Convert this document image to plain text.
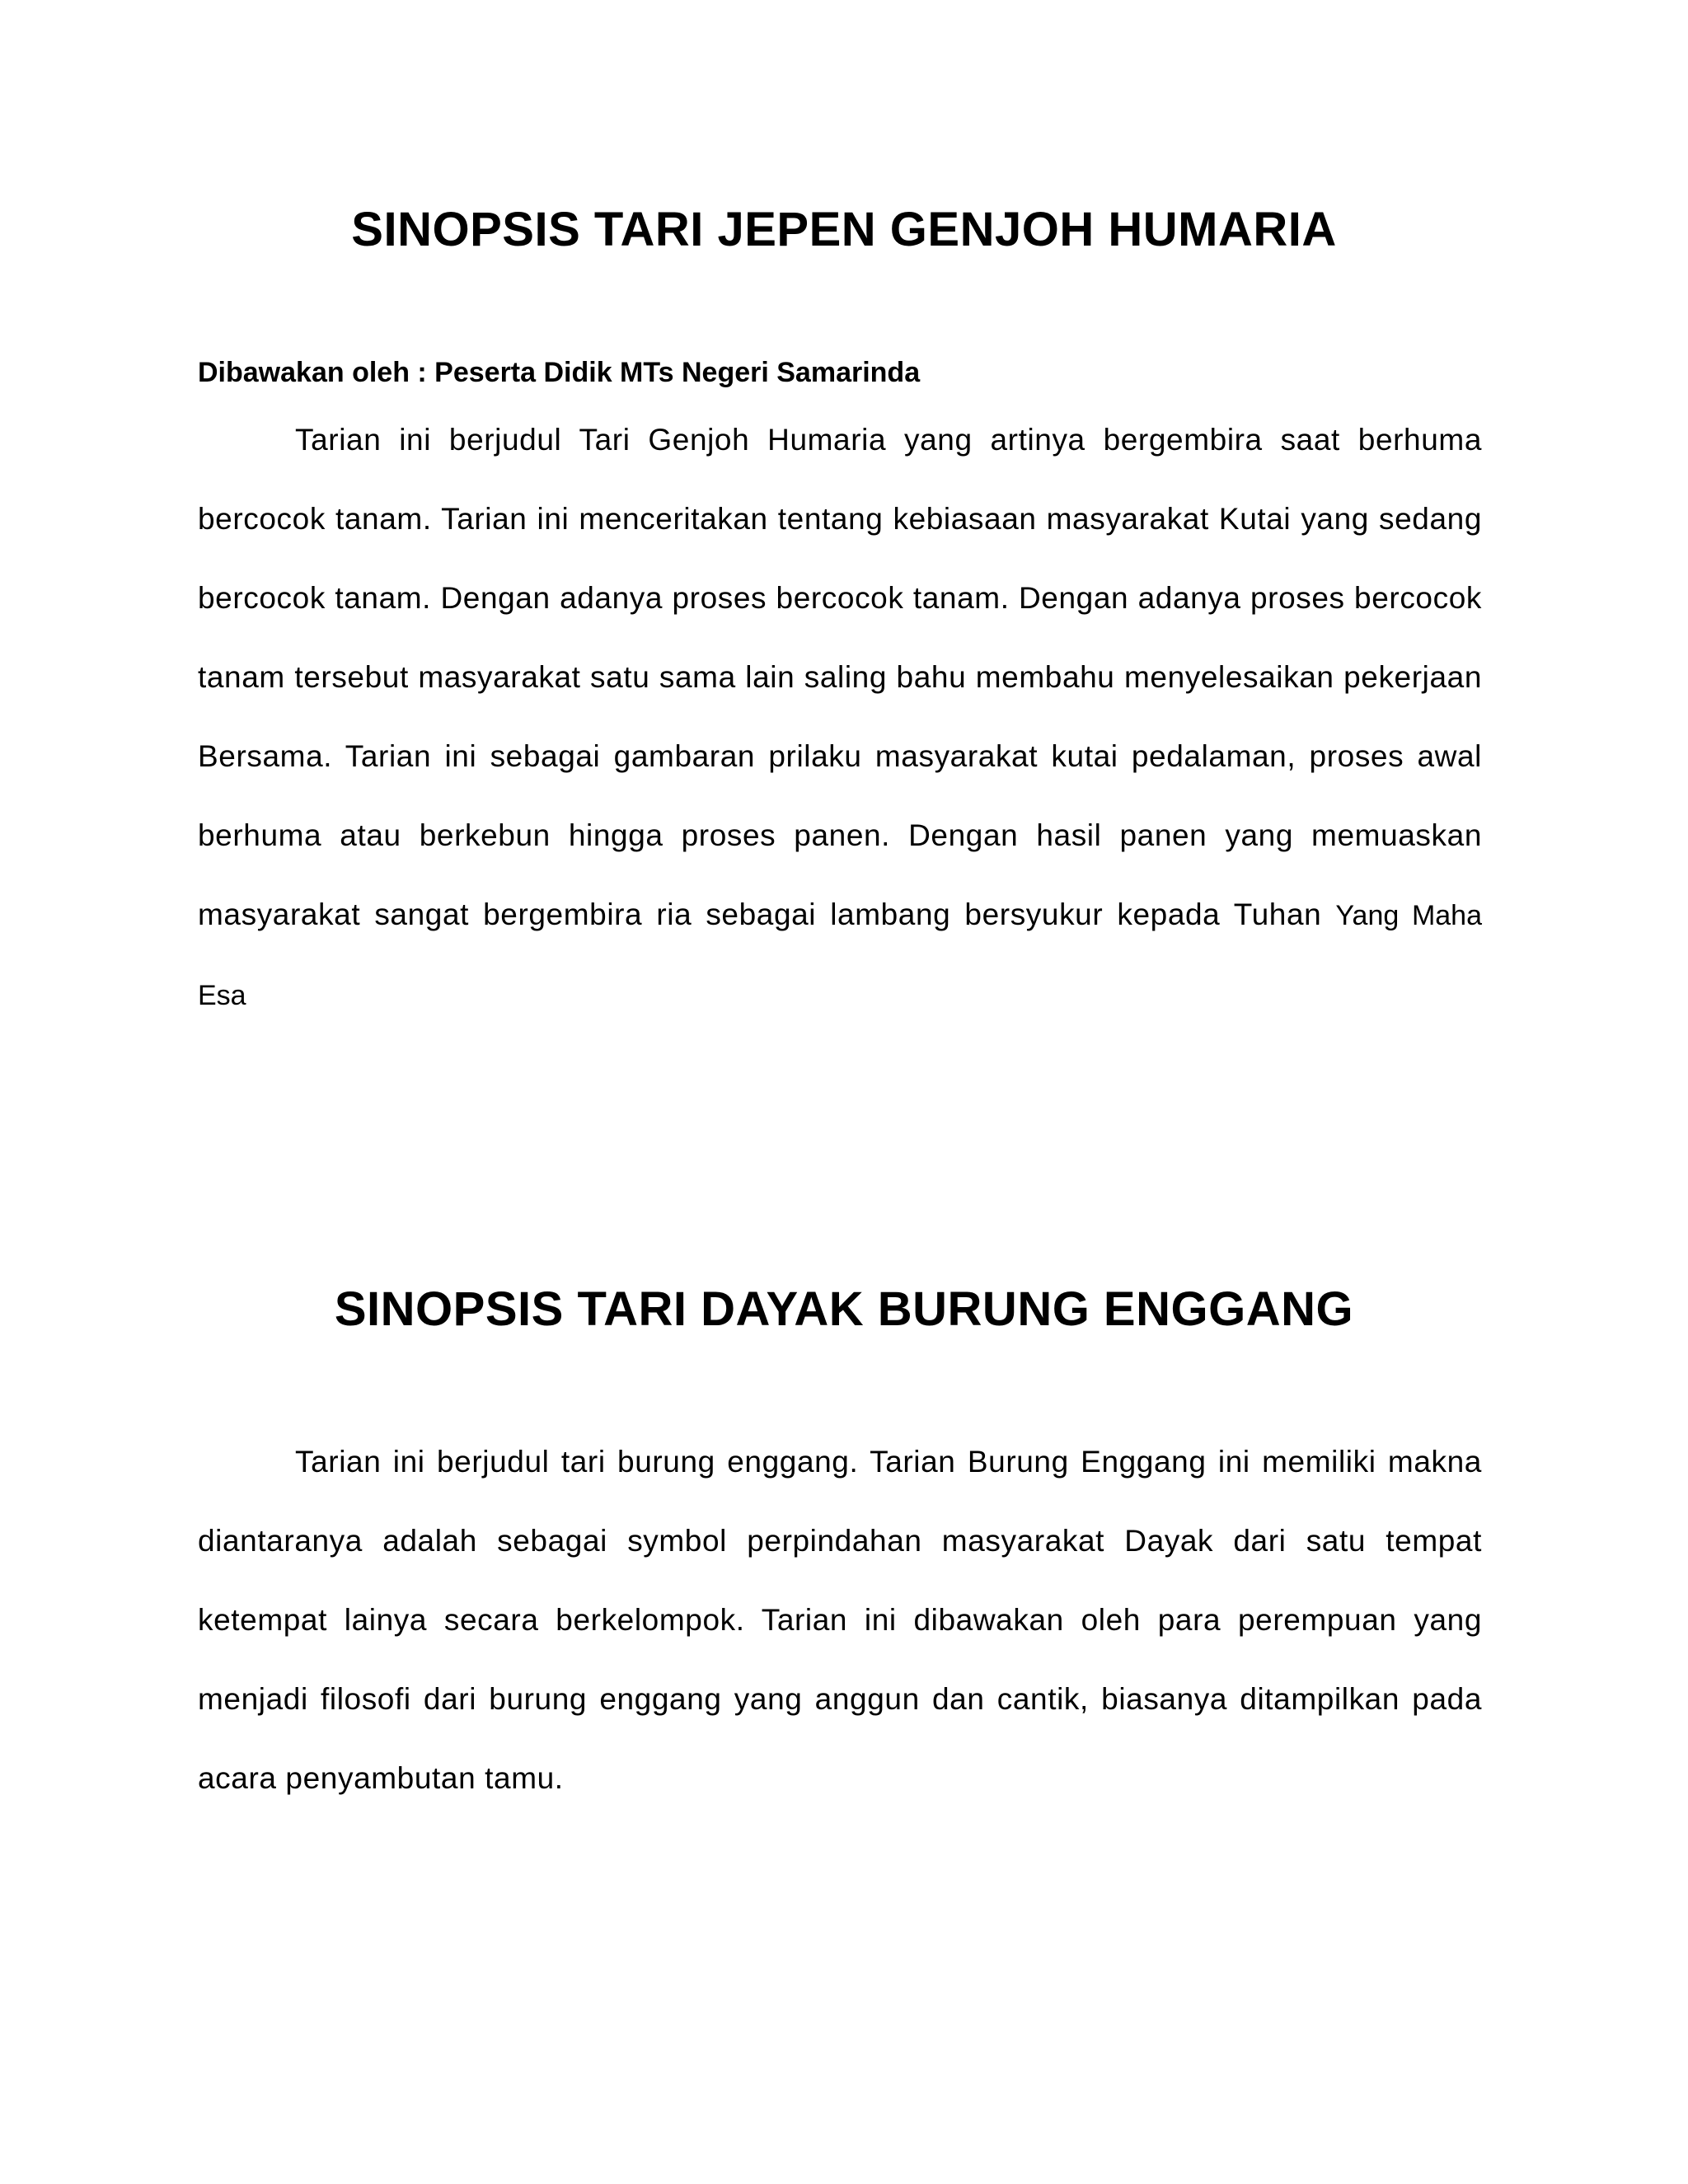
SINOPSIS TARI JEPEN GENJOH HUMARIA

Dibawakan oleh : Peserta Didik MTs Negeri Samarinda

Tarian ini berjudul Tari Genjoh Humaria yang artinya bergembira saat berhuma bercocok tanam. Tarian ini menceritakan tentang kebiasaan masyarakat Kutai yang sedang bercocok tanam. Dengan adanya proses bercocok tanam. Dengan adanya proses bercocok tanam tersebut masyarakat satu sama lain saling bahu membahu menyelesaikan pekerjaan Bersama. Tarian ini sebagai gambaran prilaku masyarakat kutai pedalaman, proses awal berhuma atau berkebun hingga proses panen. Dengan hasil panen yang memuaskan masyarakat sangat bergembira ria sebagai lambang bersyukur kepada Tuhan Yang Maha Esa

SINOPSIS TARI DAYAK BURUNG ENGGANG

Tarian ini berjudul tari burung enggang. Tarian Burung Enggang ini memiliki makna diantaranya adalah sebagai symbol perpindahan masyarakat Dayak dari satu tempat ketempat lainya secara berkelompok. Tarian ini dibawakan oleh para perempuan yang menjadi filosofi dari burung enggang yang anggun dan cantik, biasanya ditampilkan pada acara penyambutan tamu.
